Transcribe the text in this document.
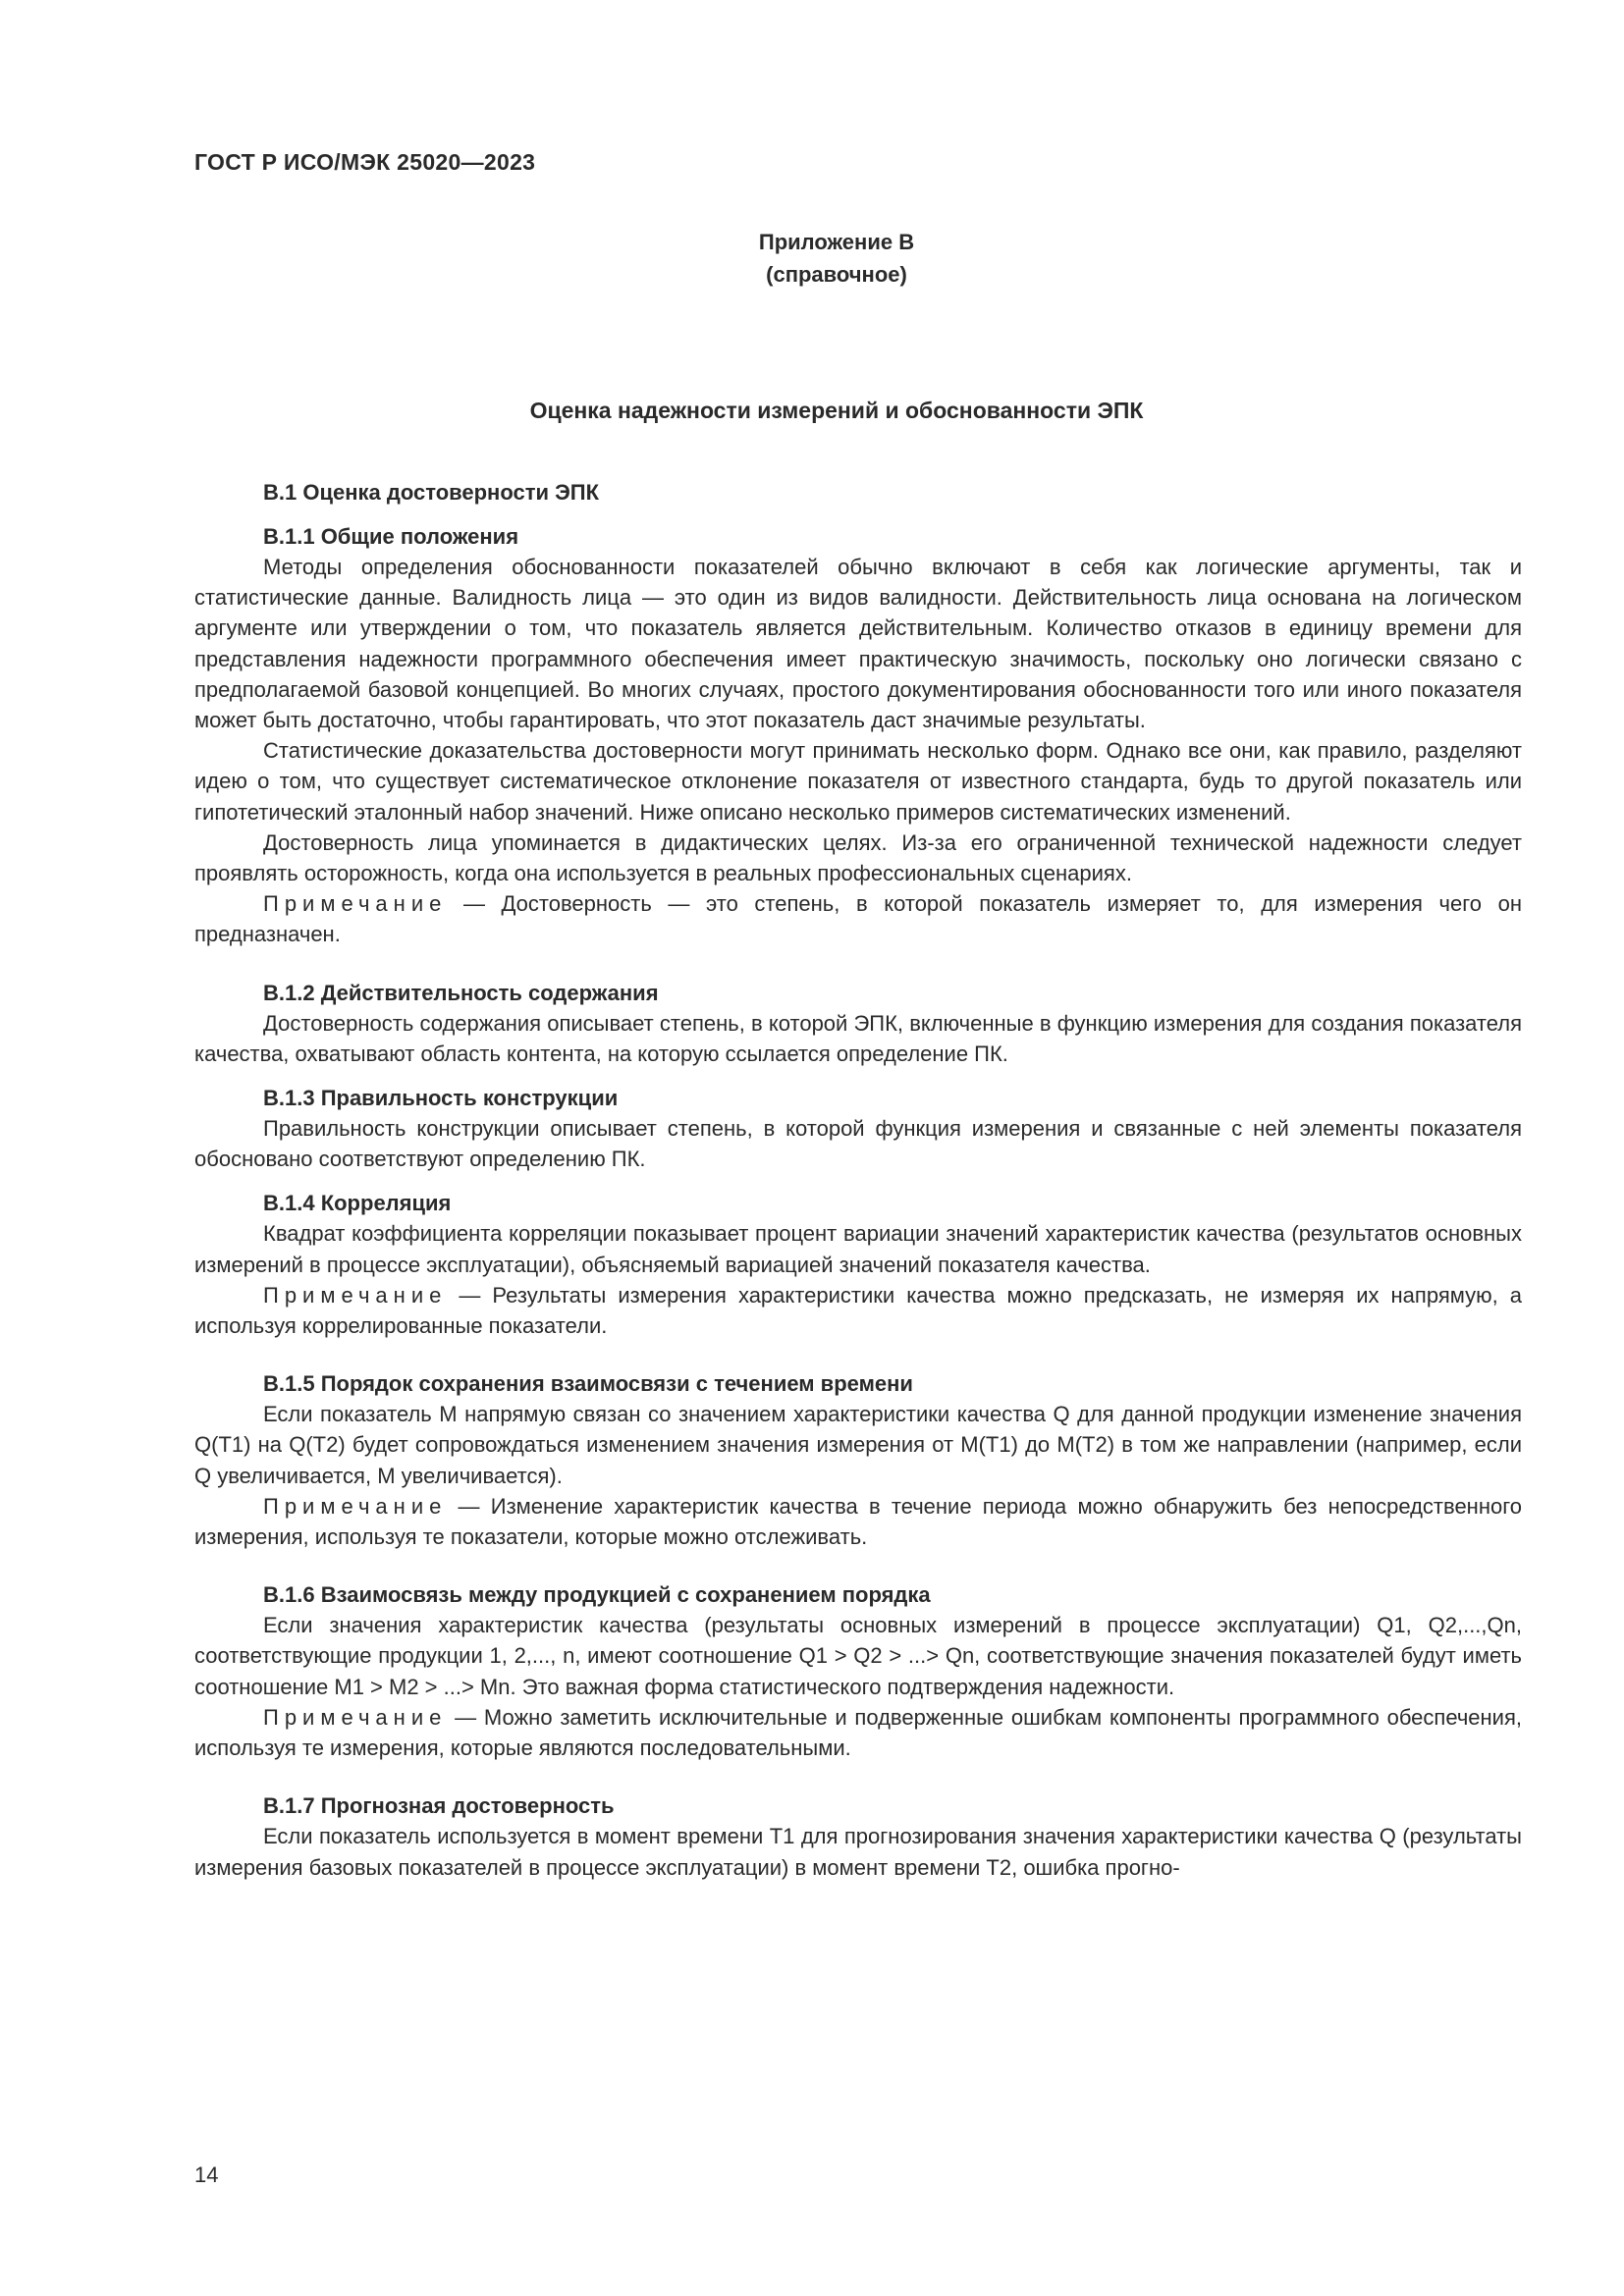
ГОСТ Р ИСО/МЭК 25020—2023
Приложение В
(справочное)
Оценка надежности измерений и обоснованности ЭПК
В.1 Оценка достоверности ЭПК
В.1.1 Общие положения

Методы определения обоснованности показателей обычно включают в себя как логические аргументы, так и статистические данные. Валидность лица — это один из видов валидности. Действительность лица основана на логическом аргументе или утверждении о том, что показатель является действительным. Количество отказов в единицу времени для представления надежности программного обеспечения имеет практическую значимость, поскольку оно логически связано с предполагаемой базовой концепцией. Во многих случаях, простого документирования обоснованности того или иного показателя может быть достаточно, чтобы гарантировать, что этот показатель даст значимые результаты.

Статистические доказательства достоверности могут принимать несколько форм. Однако все они, как правило, разделяют идею о том, что существует систематическое отклонение показателя от известного стандарта, будь то другой показатель или гипотетический эталонный набор значений. Ниже описано несколько примеров систематических изменений.

Достоверность лица упоминается в дидактических целях. Из-за его ограниченной технической надежности следует проявлять осторожность, когда она используется в реальных профессиональных сценариях.

Примечание — Достоверность — это степень, в которой показатель измеряет то, для измерения чего он предназначен.

В.1.2 Действительность содержания

Достоверность содержания описывает степень, в которой ЭПК, включенные в функцию измерения для создания показателя качества, охватывают область контента, на которую ссылается определение ПК.

В.1.3 Правильность конструкции

Правильность конструкции описывает степень, в которой функция измерения и связанные с ней элементы показателя обосновано соответствуют определению ПК.

В.1.4 Корреляция

Квадрат коэффициента корреляции показывает процент вариации значений характеристик качества (результатов основных измерений в процессе эксплуатации), объясняемый вариацией значений показателя качества.

Примечание — Результаты измерения характеристики качества можно предсказать, не измеряя их напрямую, а используя коррелированные показатели.

В.1.5 Порядок сохранения взаимосвязи с течением времени

Если показатель M напрямую связан со значением характеристики качества Q для данной продукции изменение значения Q(T1) на Q(T2) будет сопровождаться изменением значения измерения от M(T1) до M(T2) в том же направлении (например, если Q увеличивается, M увеличивается).

Примечание — Изменение характеристик качества в течение периода можно обнаружить без непосредственного измерения, используя те показатели, которые можно отслеживать.

В.1.6 Взаимосвязь между продукцией с сохранением порядка

Если значения характеристик качества (результаты основных измерений в процессе эксплуатации) Q1, Q2,...,Qn, соответствующие продукции 1, 2,..., n, имеют соотношение Q1 > Q2 > ...> Qn, соответствующие значения показателей будут иметь соотношение M1 > M2 > ...> Mn. Это важная форма статистического подтверждения надежности.

Примечание — Можно заметить исключительные и подверженные ошибкам компоненты программного обеспечения, используя те измерения, которые являются последовательными.

В.1.7 Прогнозная достоверность

Если показатель используется в момент времени T1 для прогнозирования значения характеристики качества Q (результаты измерения базовых показателей в процессе эксплуатации) в момент времени T2, ошибка прогно-

14
